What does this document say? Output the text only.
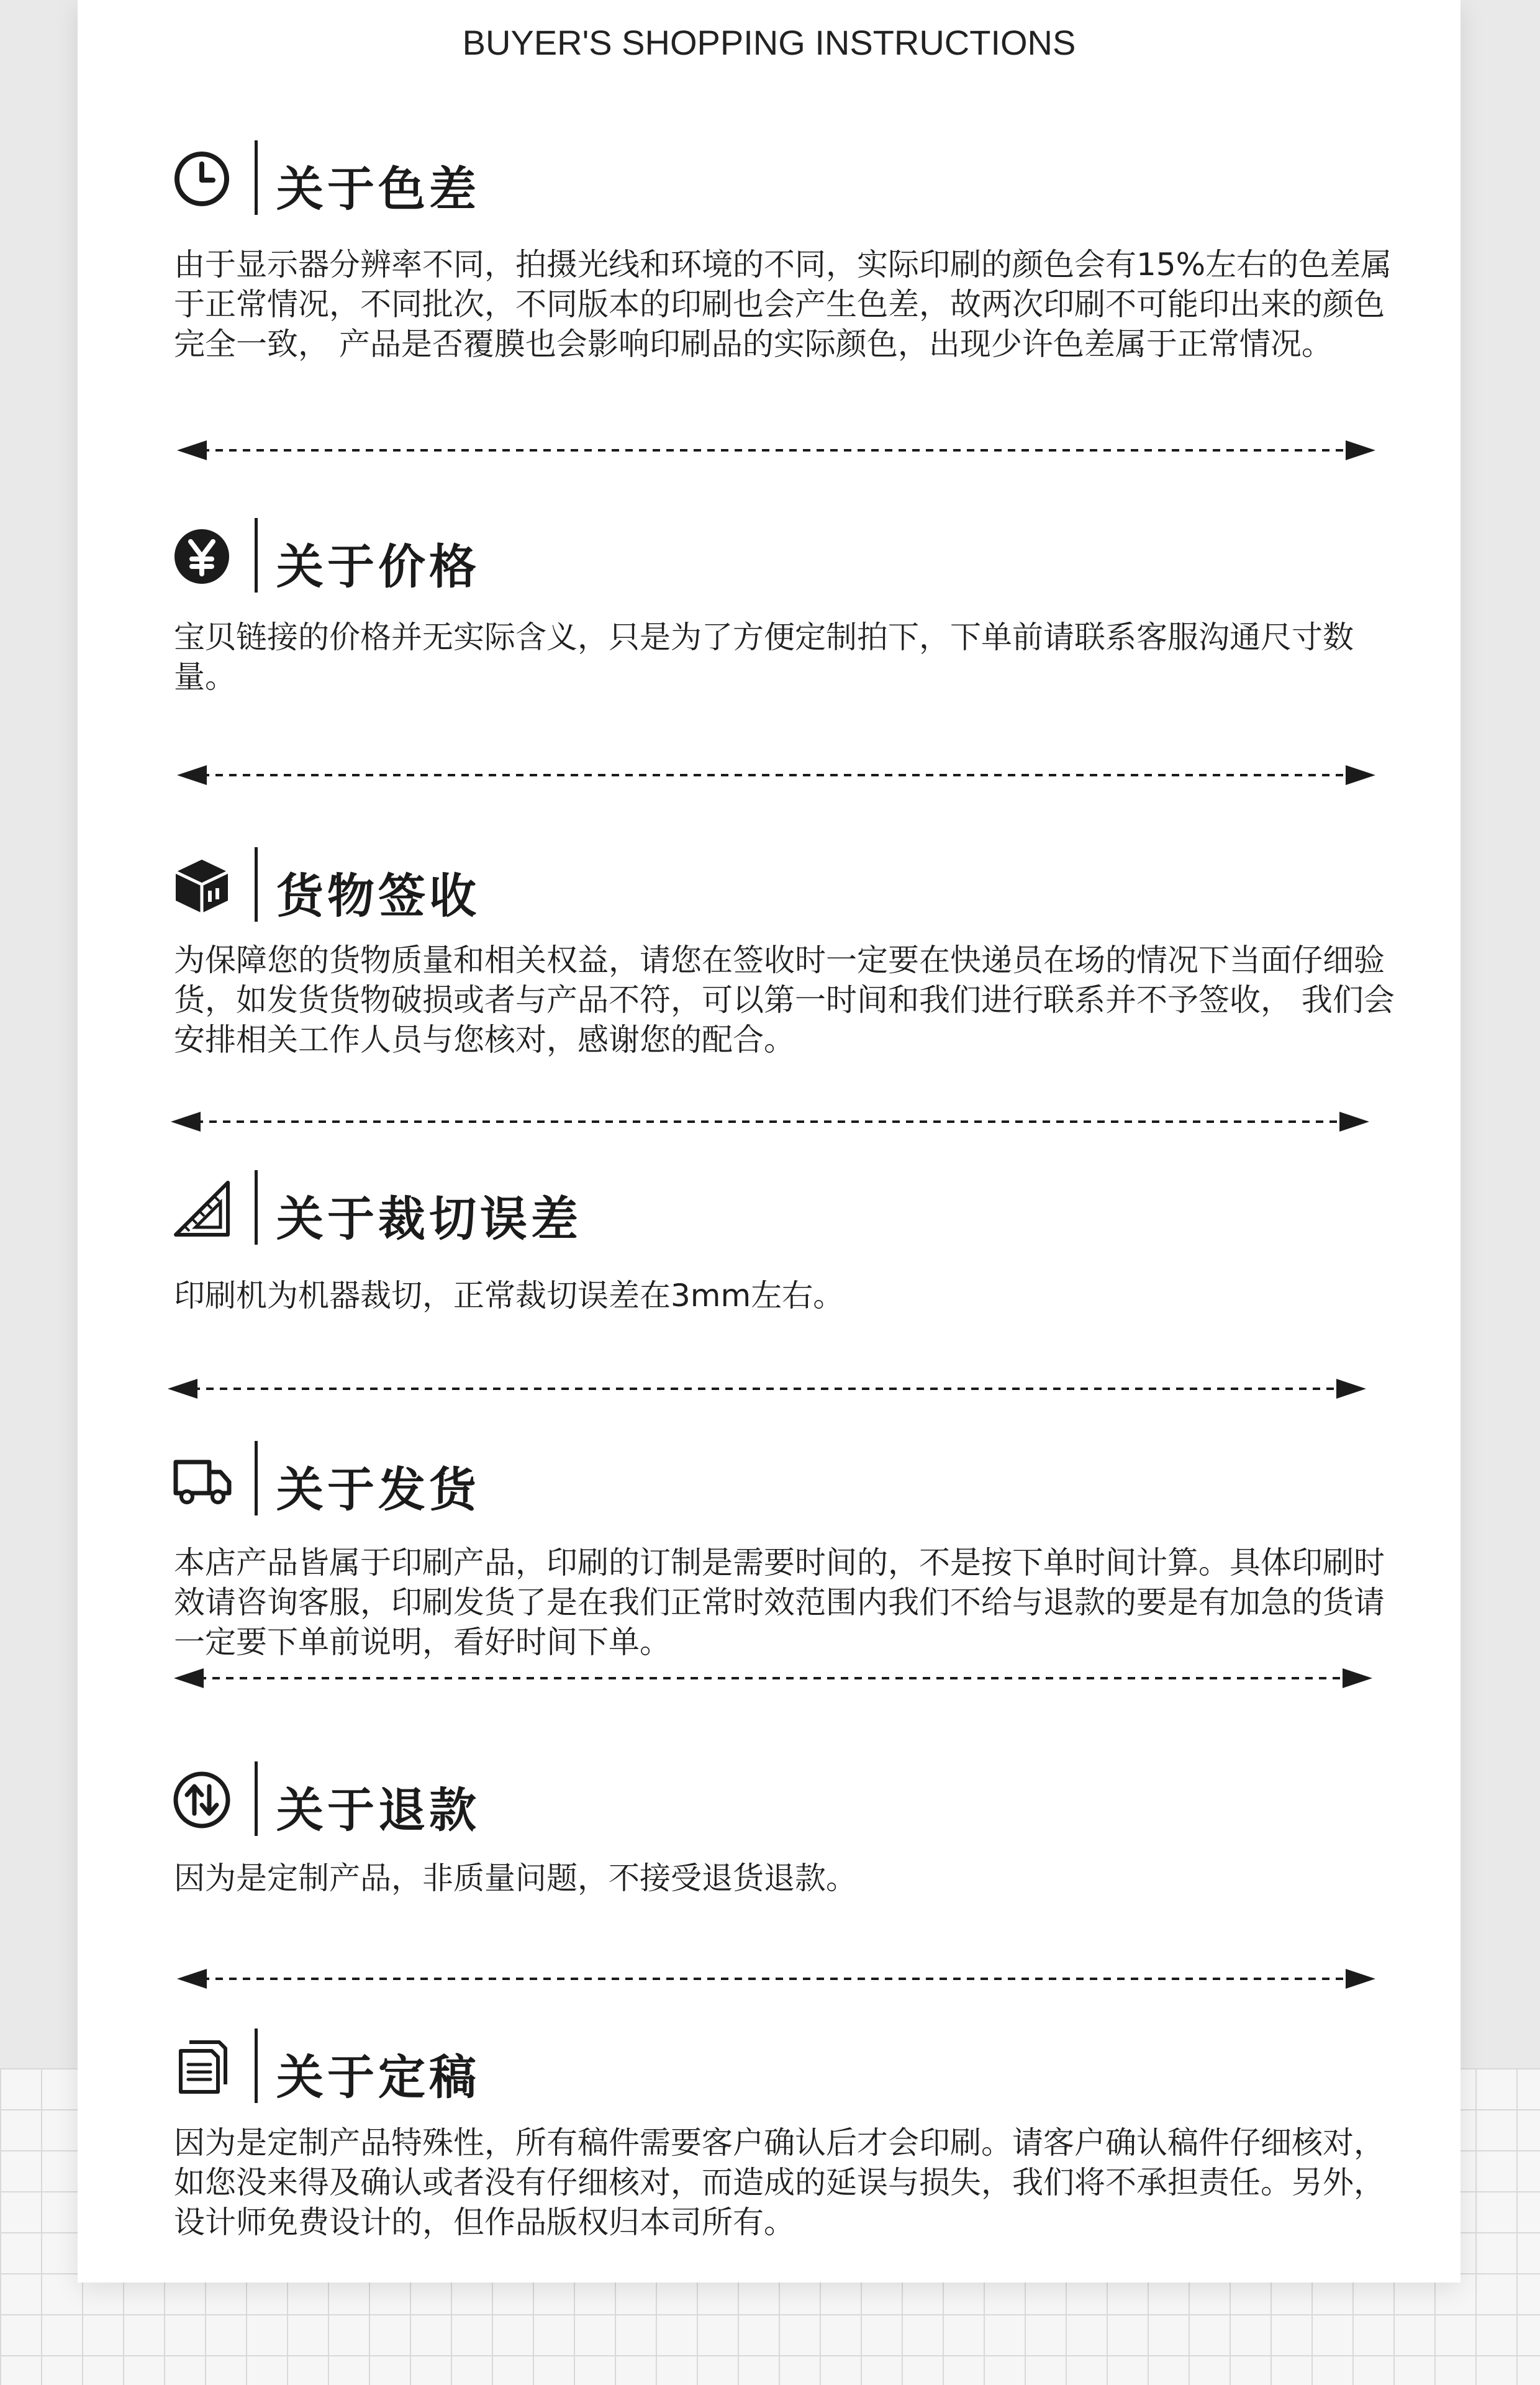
BUYER'S SHOPPING INSTRUCTIONS
关于色差
由于显示器分辨率不同，拍摄光线和环境的不同，实际印刷的颜色会有15%左右的色差属于正常情况，不同批次，不同版本的印刷也会产生色差，故两次印刷不可能印出来的颜色完全一致， 产品是否覆膜也会影响印刷品的实际颜色，出现少许色差属于正常情况。
关于价格
宝贝链接的价格并无实际含义，只是为了方便定制拍下，下单前请联系客服沟通尺寸数量。
货物签收
为保障您的货物质量和相关权益，请您在签收时一定要在快递员在场的情况下当面仔细验货，如发货货物破损或者与产品不符，可以第一时间和我们进行联系并不予签收， 我们会安排相关工作人员与您核对，感谢您的配合。
关于裁切误差
印刷机为机器裁切，正常裁切误差在3mm左右。
关于发货
本店产品皆属于印刷产品，印刷的订制是需要时间的，不是按下单时间计算。具体印刷时效请咨询客服，印刷发货了是在我们正常时效范围内我们不给与退款的要是有加急的货请一定要下单前说明，看好时间下单。
关于退款
因为是定制产品，非质量问题，不接受退货退款。
关于定稿
因为是定制产品特殊性，所有稿件需要客户确认后才会印刷。请客户确认稿件仔细核对，如您没来得及确认或者没有仔细核对，而造成的延误与损失，我们将不承担责任。另外，设计师免费设计的，但作品版权归本司所有。
